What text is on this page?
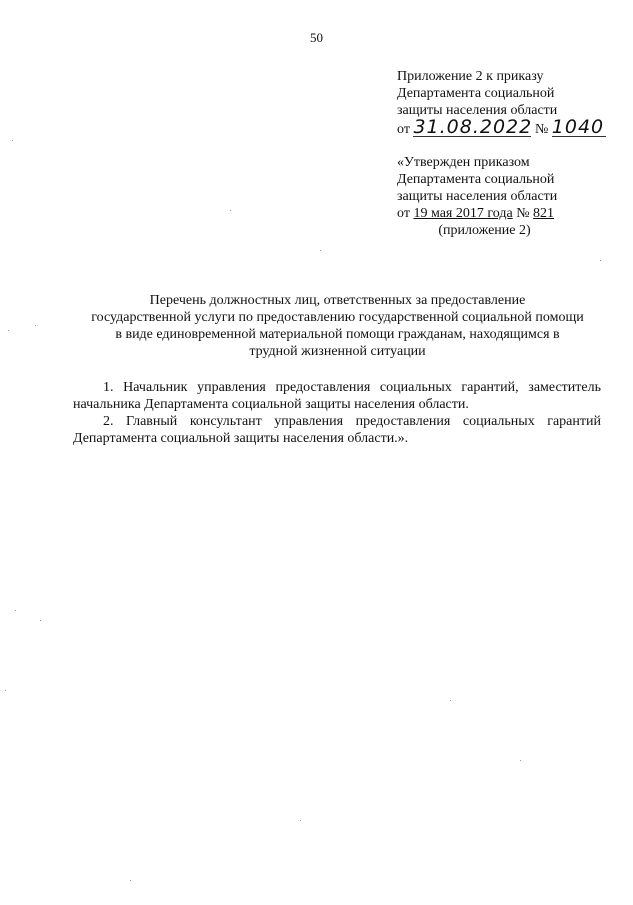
50
Приложение 2 к приказу
Департамента социальной
защиты населения области
от 31.08.2022 № 1040
«Утвержден приказом
Департамента социальной
защиты населения области
от 19 мая 2017 года № 821
(приложение 2)
Перечень должностных лиц, ответственных за предоставление
государственной услуги по предоставлению государственной социальной помощи
в виде единовременной материальной помощи гражданам, находящимся в
трудной жизненной ситуации

1. Начальник управления предоставления социальных гарантий, заместитель начальника Департамента социальной защиты населения области.

2. Главный консультант управления предоставления социальных гарантий Департамента социальной защиты населения области.».
